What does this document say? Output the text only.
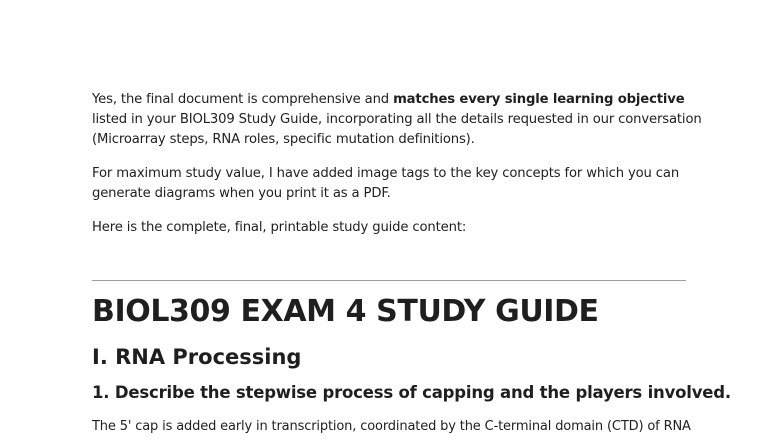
Yes, the final document is comprehensive and matches every single learning objective

listed in your BIOL309 Study Guide, incorporating all the details requested in our conversation

(Microarray steps, RNA roles, specific mutation definitions).

For maximum study value, I have added image tags to the key concepts for which you can

generate diagrams when you print it as a PDF.

Here is the complete, final, printable study guide content:

BIOL309 EXAM 4 STUDY GUIDE
I. RNA Processing
1. Describe the stepwise process of capping and the players involved.

The 5' cap is added early in transcription, coordinated by the C-terminal domain (CTD) of RNA
